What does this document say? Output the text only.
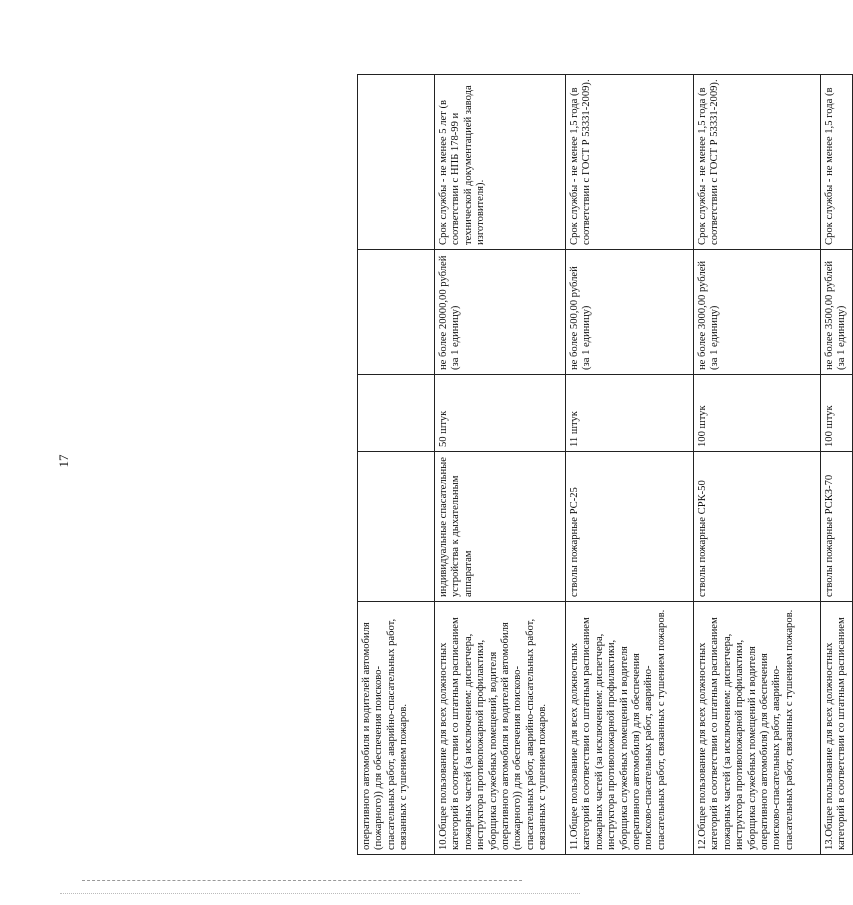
17
оперативного автомобиля и водителей автомобиля (пожарного)) для обеспечения поисково-спасательных работ, аварийно-спасательных работ, связанных с тушением пожаров.				
10.Общее пользование для всех должностных категорий в соответствии со штатным расписанием пожарных частей (за исключением: диспетчера, инструктора противопожарной профилактики, уборщика служебных помещений, водителя оперативного автомобиля и водителей автомобиля (пожарного)) для обеспечения поисково-спасательных работ, аварийно-спасательных работ, связанных с тушением пожаров.	индивидуальные спасательные устройства к дыхательным аппаратам	50 штук	не более 20000,00 рублей (за 1 единицу)	Срок службы - не менее 5 лет (в соответствии с НПБ 178-99 и технической документацией завода изготовителя).
11.Общее пользование для всех должностных категорий в соответствии со штатным расписанием пожарных частей (за исключением: диспетчера, инструктора противопожарной профилактики, уборщика служебных помещений и водителя оперативного автомобиля) для обеспечения поисково-спасательных работ, аварийно-спасательных работ, связанных с тушением пожаров.	стволы пожарные РС-25	11 штук	не более 500,00 рублей (за 1 единицу)	Срок службы - не менее 1,5 года (в соответствии с ГОСТ Р 53331-2009).
12.Общее пользование для всех должностных категорий в соответствии со штатным расписанием пожарных частей (за исключением: диспетчера, инструктора противопожарной профилактики, уборщика служебных помещений и водителя оперативного автомобиля) для обеспечения поисково-спасательных работ, аварийно-спасательных работ, связанных с тушением пожаров.	стволы пожарные СРК-50	100 штук	не более 3000,00 рублей (за 1 единицу)	Срок службы - не менее 1,5 года (в соответствии с ГОСТ Р 53331-2009).
13.Общее пользование для всех должностных категорий в соответствии со штатным расписанием	стволы пожарные РСКЗ-70	100 штук	не более 3500,00 рублей (за 1 единицу)	Срок службы - не менее 1,5 года (в
